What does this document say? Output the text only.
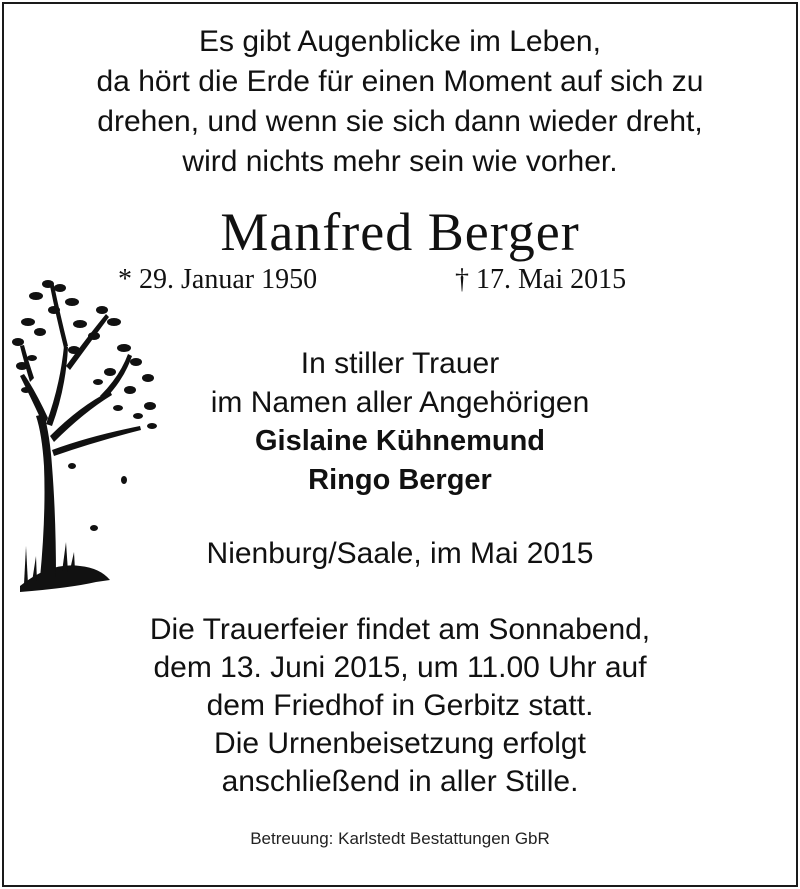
Es gibt Augenblicke im Leben,
da hört die Erde für einen Moment auf sich zu
drehen, und wenn sie sich dann wieder dreht,
wird nichts mehr sein wie vorher.
Manfred Berger
* 29. Januar 1950	† 17. Mai 2015
In stiller Trauer
im Namen aller Angehörigen
Gislaine Kühnemund
Ringo Berger
Nienburg/Saale, im Mai 2015
Die Trauerfeier findet am Sonnabend,
dem 13. Juni 2015, um 11.00 Uhr auf
dem Friedhof in Gerbitz statt.
Die Urnenbeisetzung erfolgt
anschließend in aller Stille.
Betreuung: Karlstedt Bestattungen GbR
